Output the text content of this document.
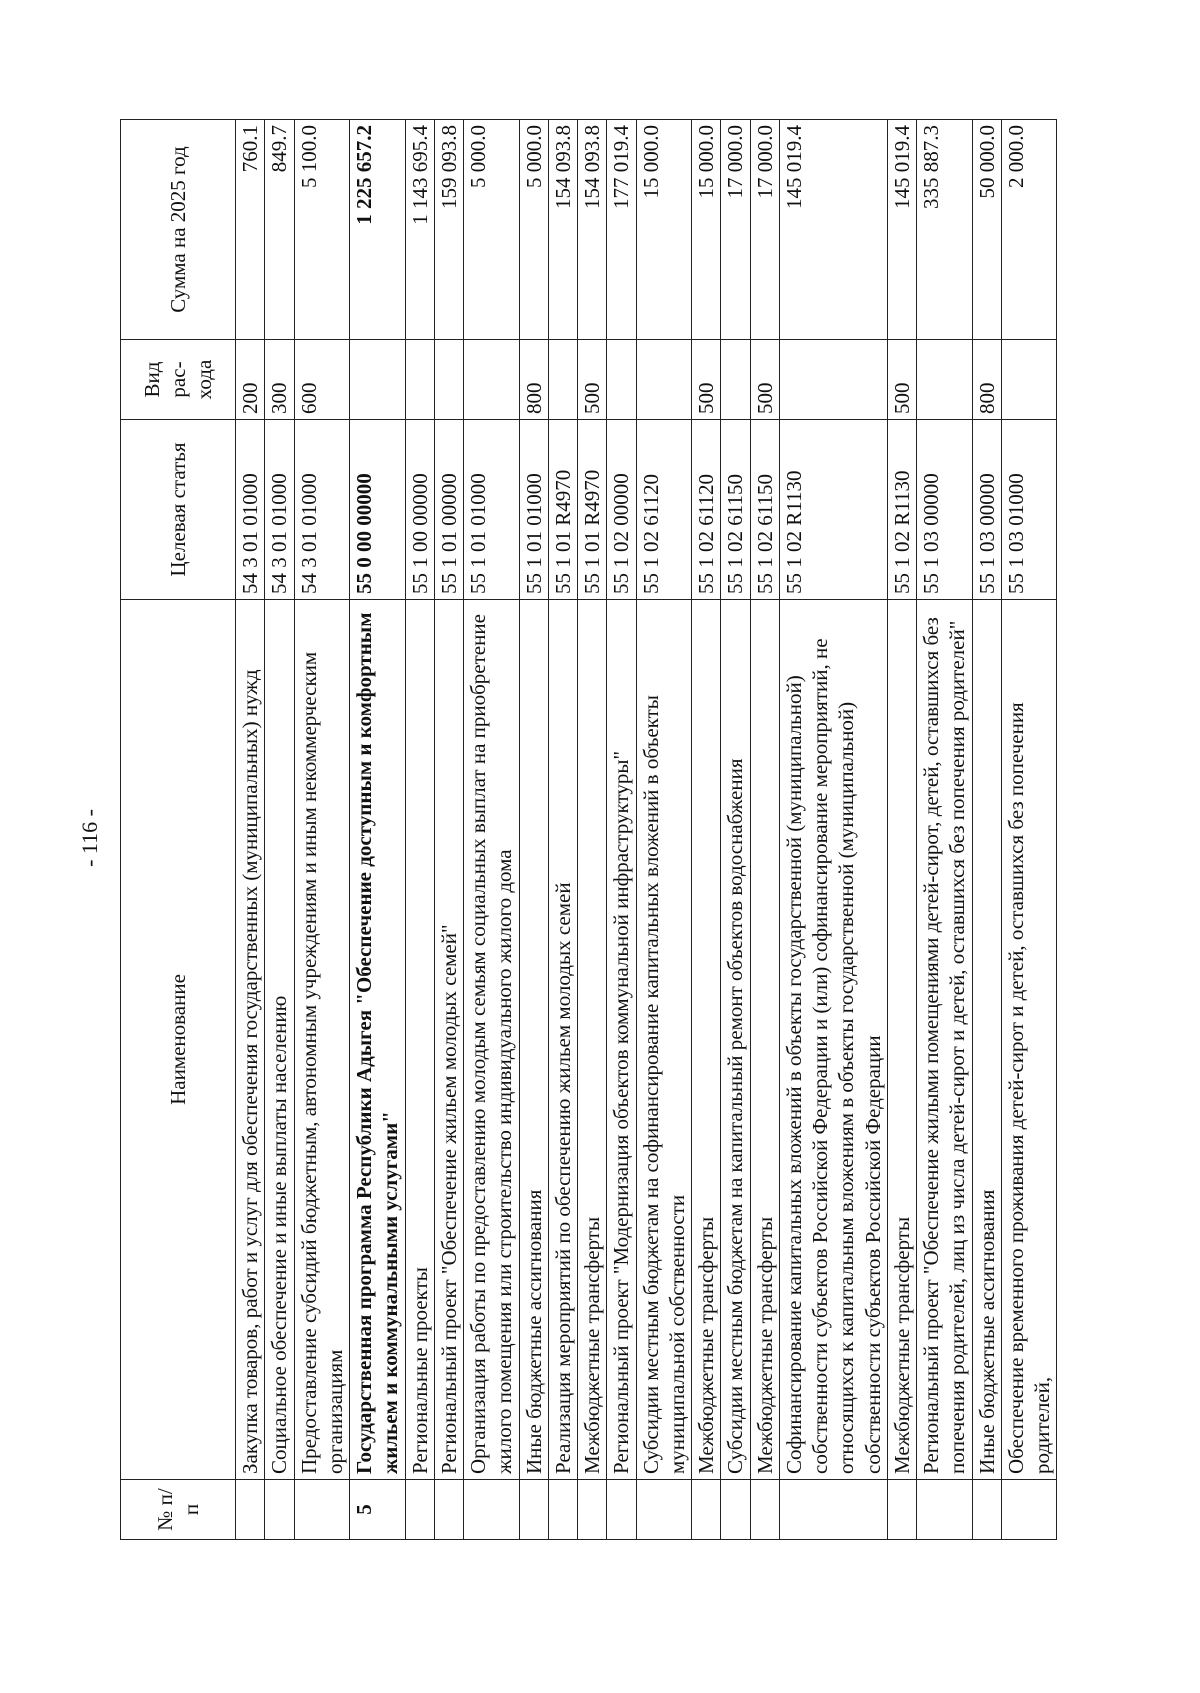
№ п/п	Наименование	Целевая статья	Вид рас-хода	Сумма на 2025 год
	Закупка товаров, работ и услуг для обеспечения государственных (муниципальных) нужд	54 3 01 01000	200	760.1
	Социальное обеспечение и иные выплаты населению	54 3 01 01000	300	849.7
	Предоставление субсидий бюджетным, автономным учреждениям и иным некоммерческим организациям	54 3 01 01000	600	5 100.0
5	Государственная программа Республики Адыгея "Обеспечение доступным и комфортным жильем и коммунальными услугами"	55 0 00 00000		1 225 657.2
	Региональные проекты	55 1 00 00000		1 143 695.4
	Региональный проект "Обеспечение жильем молодых семей"	55 1 01 00000		159 093.8
	Организация работы по предоставлению молодым семьям социальных выплат на приобретение жилого помещения или строительство индивидуального жилого дома	55 1 01 01000		5 000.0
	Иные бюджетные ассигнования	55 1 01 01000	800	5 000.0
	Реализация мероприятий по обеспечению жильем молодых семей	55 1 01 R4970		154 093.8
	Межбюджетные трансферты	55 1 01 R4970	500	154 093.8
	Региональный проект "Модернизация объектов коммунальной инфраструктуры"	55 1 02 00000		177 019.4
	Субсидии местным бюджетам на софинансирование капитальных вложений в объекты муниципальной собственности	55 1 02 61120		15 000.0
	Межбюджетные трансферты	55 1 02 61120	500	15 000.0
	Субсидии местным бюджетам на капитальный ремонт объектов водоснабжения	55 1 02 61150		17 000.0
	Межбюджетные трансферты	55 1 02 61150	500	17 000.0
	Софинансирование капитальных вложений в объекты государственной (муниципальной) собственности субъектов Российской Федерации и (или) софинансирование мероприятий, не относящихся к капитальным вложениям в объекты государственной (муниципальной) собственности субъектов Российской Федерации	55 1 02 R1130		145 019.4
	Межбюджетные трансферты	55 1 02 R1130	500	145 019.4
	Региональный проект "Обеспечение жилыми помещениями детей-сирот, детей, оставшихся без попечения родителей, лиц из числа детей-сирот и детей, оставшихся без попечения родителей"	55 1 03 00000		335 887.3
	Иные бюджетные ассигнования	55 1 03 00000	800	50 000.0
	Обеспечение временного проживания детей-сирот и детей, оставшихся без попечения родителей,	55 1 03 01000		2 000.0
- 116 -
